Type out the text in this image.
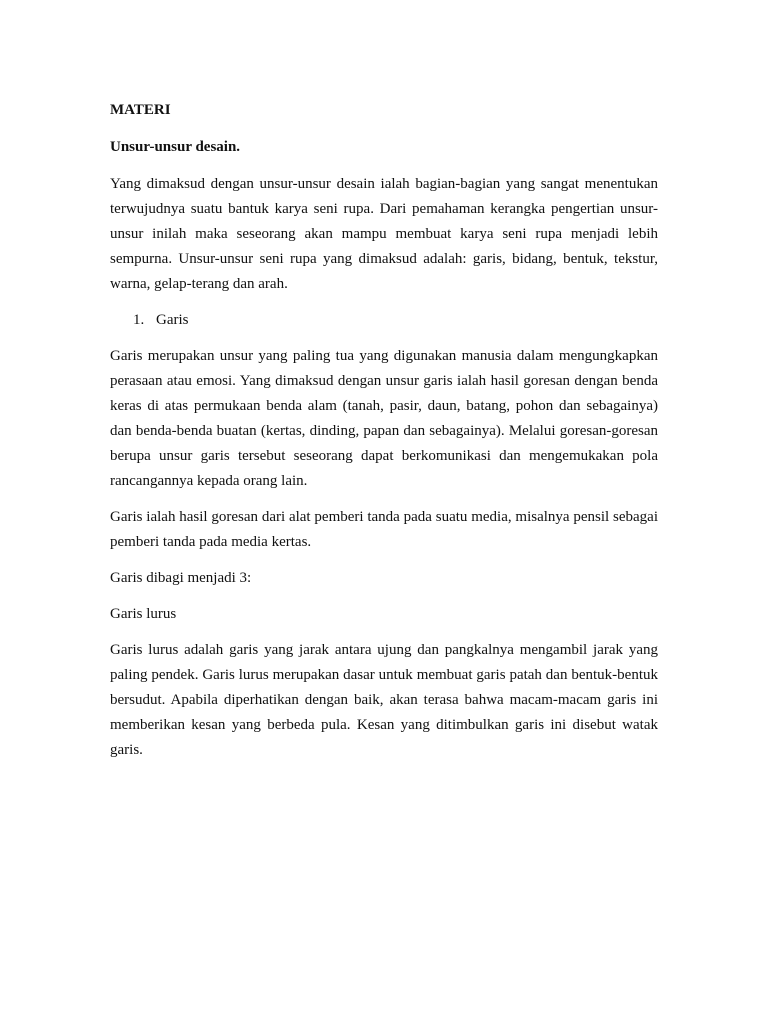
MATERI
Unsur-unsur desain.

Yang dimaksud dengan unsur-unsur desain ialah bagian-bagian yang sangat menentukan terwujudnya suatu bantuk karya seni rupa. Dari pemahaman kerangka pengertian unsur-unsur inilah maka seseorang akan mampu membuat karya seni rupa menjadi lebih sempurna. Unsur-unsur seni rupa yang dimaksud adalah: garis, bidang, bentuk, tekstur, warna, gelap-terang dan arah.

1. Garis

Garis merupakan unsur yang paling tua yang digunakan manusia dalam mengungkapkan perasaan atau emosi. Yang dimaksud dengan unsur garis ialah hasil goresan dengan benda keras di atas permukaan benda alam (tanah, pasir, daun, batang, pohon dan sebagainya) dan benda-benda buatan (kertas, dinding, papan dan sebagainya). Melalui goresan-goresan berupa unsur garis tersebut seseorang dapat berkomunikasi dan mengemukakan pola rancangannya kepada orang lain.

Garis ialah hasil goresan dari alat pemberi tanda pada suatu media, misalnya pensil sebagai pemberi tanda pada media kertas.

Garis dibagi menjadi 3:

Garis lurus

Garis lurus adalah garis yang jarak antara ujung dan pangkalnya mengambil jarak yang paling pendek. Garis lurus merupakan dasar untuk membuat garis patah dan bentuk-bentuk bersudut. Apabila diperhatikan dengan baik, akan terasa bahwa macam-macam garis ini memberikan kesan yang berbeda pula. Kesan yang ditimbulkan garis ini disebut watak garis.
